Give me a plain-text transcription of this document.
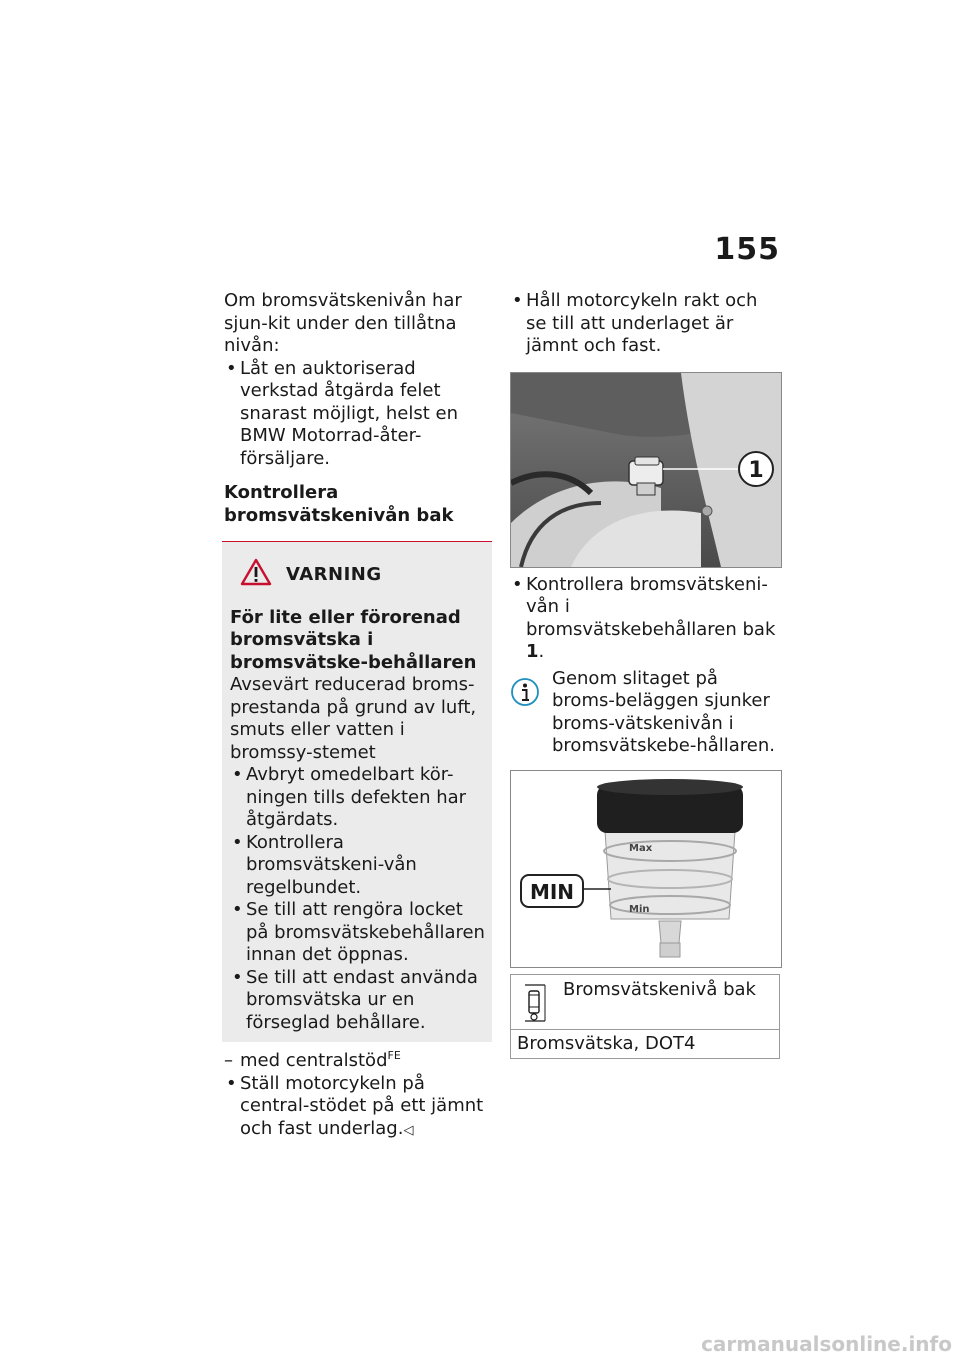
155

Om bromsvätskenivån har sjun-kit under den tillåtna nivån:

• Låt en auktoriserad verkstad åtgärda felet snarast möjligt, helst en BMW Motorrad-åter-försäljare.

Kontrollera bromsvätskenivån bak

VARNING

För lite eller förorenad bromsvätska i bromsvätske-behållaren

Avsevärt reducerad broms-prestanda på grund av luft, smuts eller vatten i bromssy-stemet

• Avbryt omedelbart kör-ningen tills defekten har åtgärdats.

• Kontrollera bromsvätskeni-vån regelbundet.

• Se till att rengöra locket på bromsvätskebehållaren innan det öppnas.

• Se till att endast använda bromsvätska ur en förseglad behållare.

– med centralstöd$^{FE}$

• Ställ motorcykeln på central-stödet på ett jämnt och fast underlag.◁

• Håll motorcykeln rakt och se till att underlaget är jämnt och fast.

1

• Kontrollera bromsvätskeni-vån i bromsvätskebehållaren bak 1.

Genom slitaget på broms-beläggen sjunker broms-vätskenivån i bromsvätskebe-hållaren.

Max
Min
MIN
Bromsvätskenivå bak
Bromsvätska, DOT4
carmanualsonline.info
